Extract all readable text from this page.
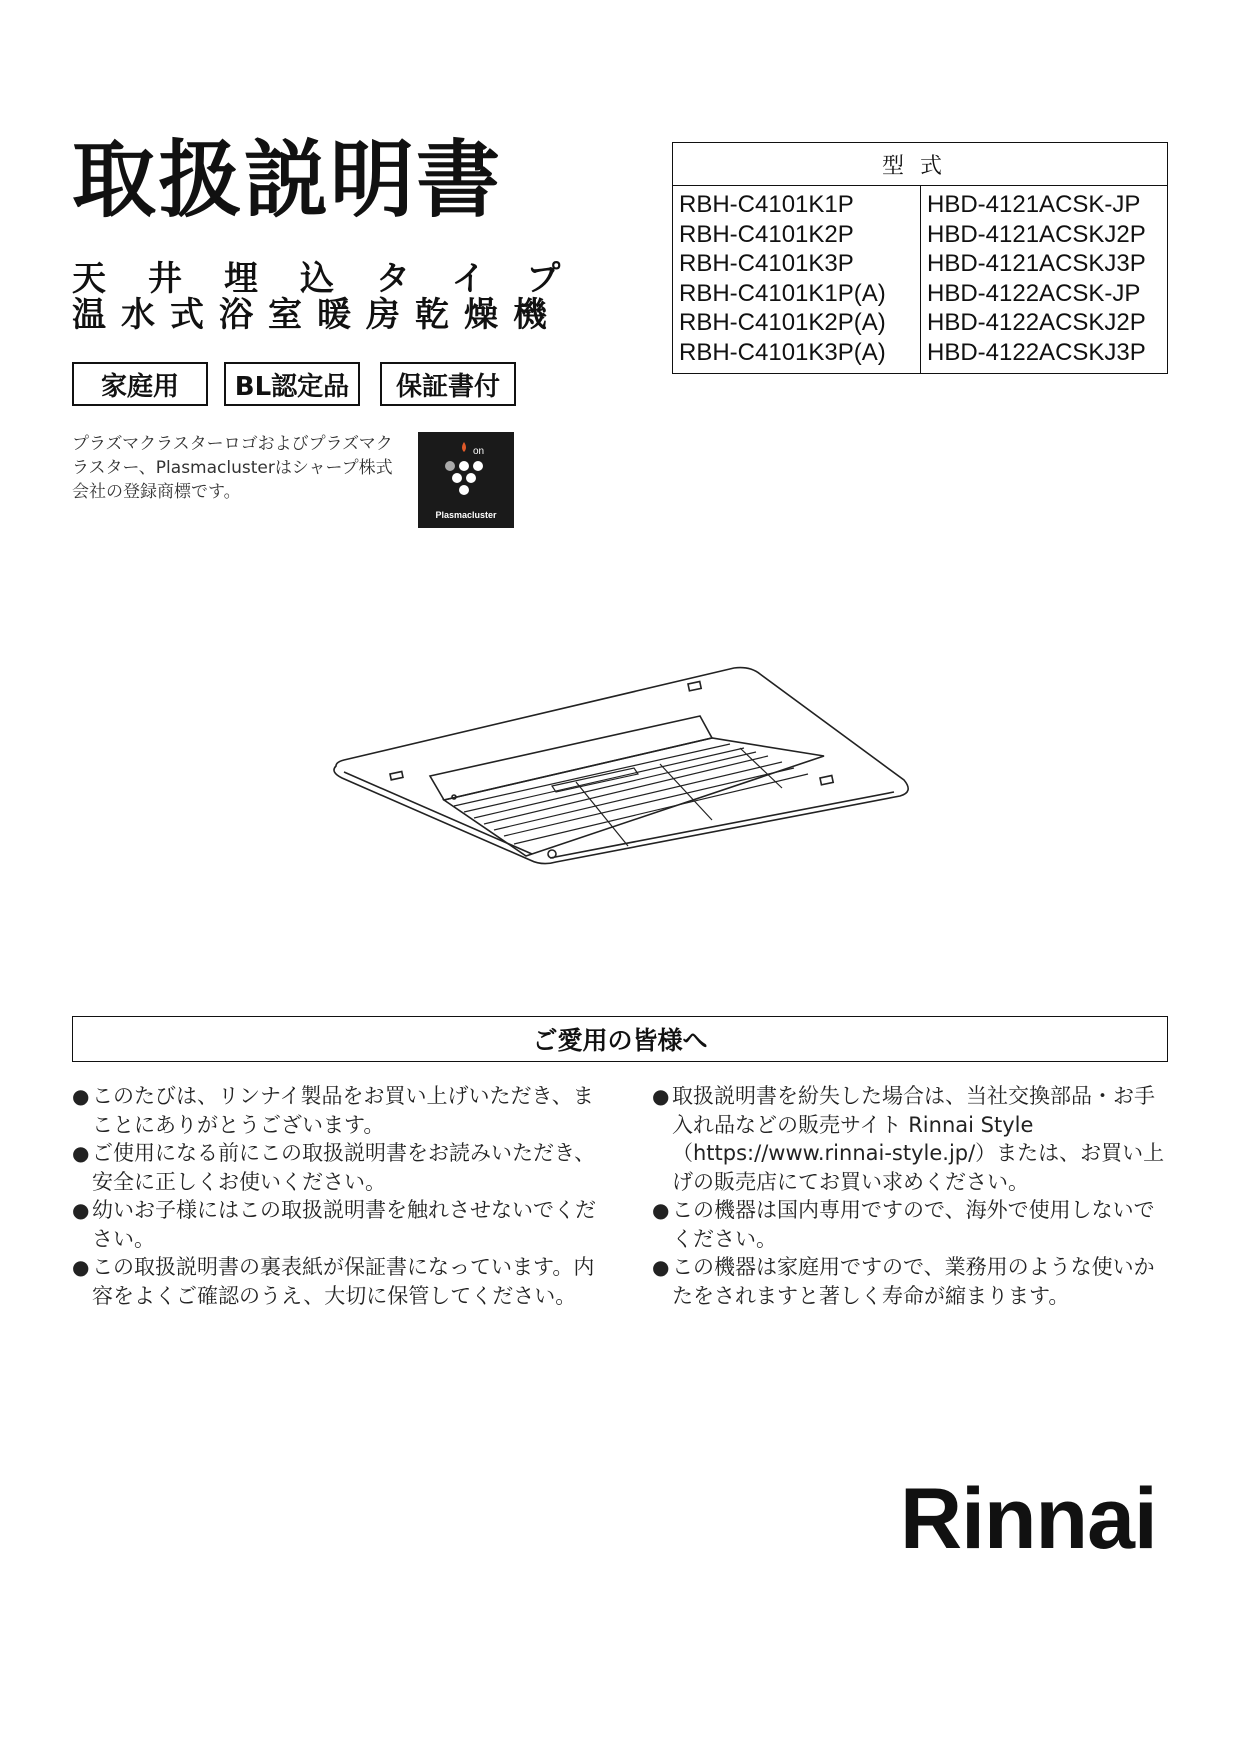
取扱説明書
天井埋込タイプ
温水式浴室暖房乾燥機
家庭用	BL認定品	保証書付
プラズマクラスターロゴおよびプラズマクラスター、Plasmaclusterはシャープ株式会社の登録商標です。
on
Plasmacluster
型式
RBH-C4101K1P
RBH-C4101K2P
RBH-C4101K3P
RBH-C4101K1P(A)
RBH-C4101K2P(A)
RBH-C4101K3P(A)
HBD-4121ACSK-JP
HBD-4121ACSKJ2P
HBD-4121ACSKJ3P
HBD-4122ACSK-JP
HBD-4122ACSKJ2P
HBD-4122ACSKJ3P
ご愛用の皆様へ

● このたびは、リンナイ製品をお買い上げいただき、まことにありがとうございます。

● ご使用になる前にこの取扱説明書をお読みいただき、安全に正しくお使いください。

● 幼いお子様にはこの取扱説明書を触れさせないでください。

● この取扱説明書の裏表紙が保証書になっています。内容をよくご確認のうえ、大切に保管してください。

● 取扱説明書を紛失した場合は、当社交換部品・お手入れ品などの販売サイト Rinnai Style（https://www.rinnai-style.jp/）または、お買い上げの販売店にてお買い求めください。

● この機器は国内専用ですので、海外で使用しないでください。

● この機器は家庭用ですので、業務用のような使いかたをされますと著しく寿命が縮まります。

Rinnai
